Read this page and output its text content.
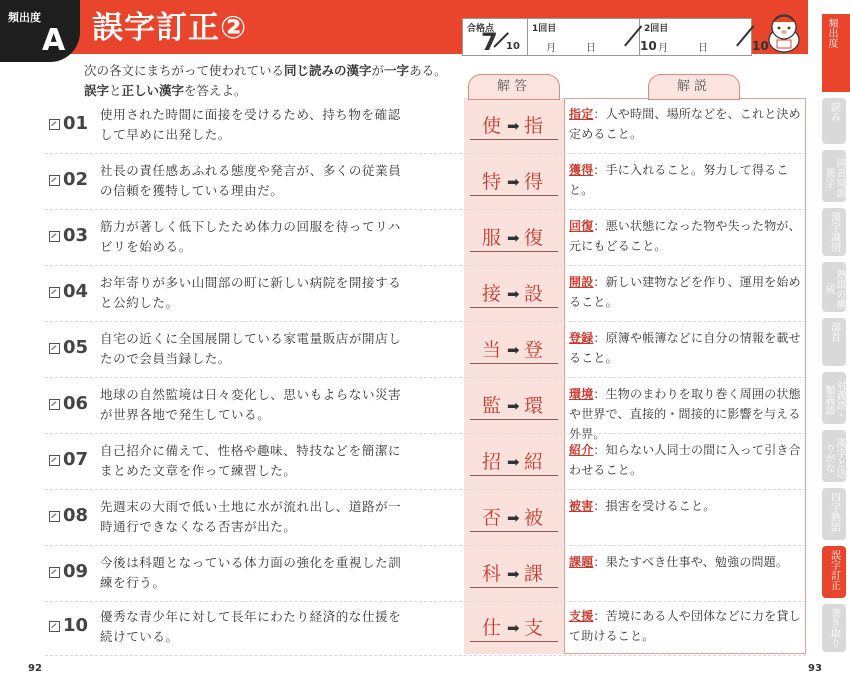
A
頻出度
頻出度
A 誤字訂正②	合格点
7 10
1回目
月	日	10
2回目
月	日	10
次の各文にまちがって使われている同じ読みの漢字が一字ある。誤字と正しい漢字を答えよ。	解答	解説
01 使用された時間に面接を受けるため、持ち物を確認して早めに出発した。	使 ➡ 指
指定：人や時間、場所などを、これと決め定めること。
02 社長の責任感あふれる態度や発言が、多くの従業員の信頼を獲特している理由だ。	特 ➡ 得
獲得：手に入れること。努力して得ること。
03 筋力が著しく低下したため体力の回服を待ってリハビリを始める。	服 ➡ 復
回復：悪い状態になった物や失った物が、元にもどること。
04 お年寄りが多い山間部の町に新しい病院を開接すると公約した。	接 ➡ 設
開設：新しい建物などを作り、運用を始めること。
05 自宅の近くに全国展開している家電量販店が開店したので会員当録した。	当 ➡ 登
登録：原簿や帳簿などに自分の情報を載せること。
06 地球の自然監境は日々変化し、思いもよらない災害が世界各地で発生している。	監 ➡ 環
環境：生物のまわりを取り巻く周囲の状態や世界で、直接的・間接的に影響を与える外界。
07 自己招介に備えて、性格や趣味、特技などを簡潔にまとめた文章を作って練習した。	招 ➡ 紹
紹介：知らない人同士の間に入って引き合わせること。
08 先週末の大雨で低い土地に水が流れ出し、道路が一時通行できなくなる否害が出た。	否 ➡ 被
被害：損害を受けること。
09 今後は科題となっている体力面の強化を重視した訓練を行う。	科 ➡ 課
課題：果たすべき仕事や、勉強の問題。
10 優秀な青少年に対して長年にわたり経済的な仕援を続けている。	仕 ➡ 支
支援：苦境にある人や団体などに力を貸して助けること。
読み
同音同訓異字
漢字識別
熟語の構成
部首
対義語・類義語
漢字と送りがな
四字熟語
誤字訂正
書き取り
92	93
